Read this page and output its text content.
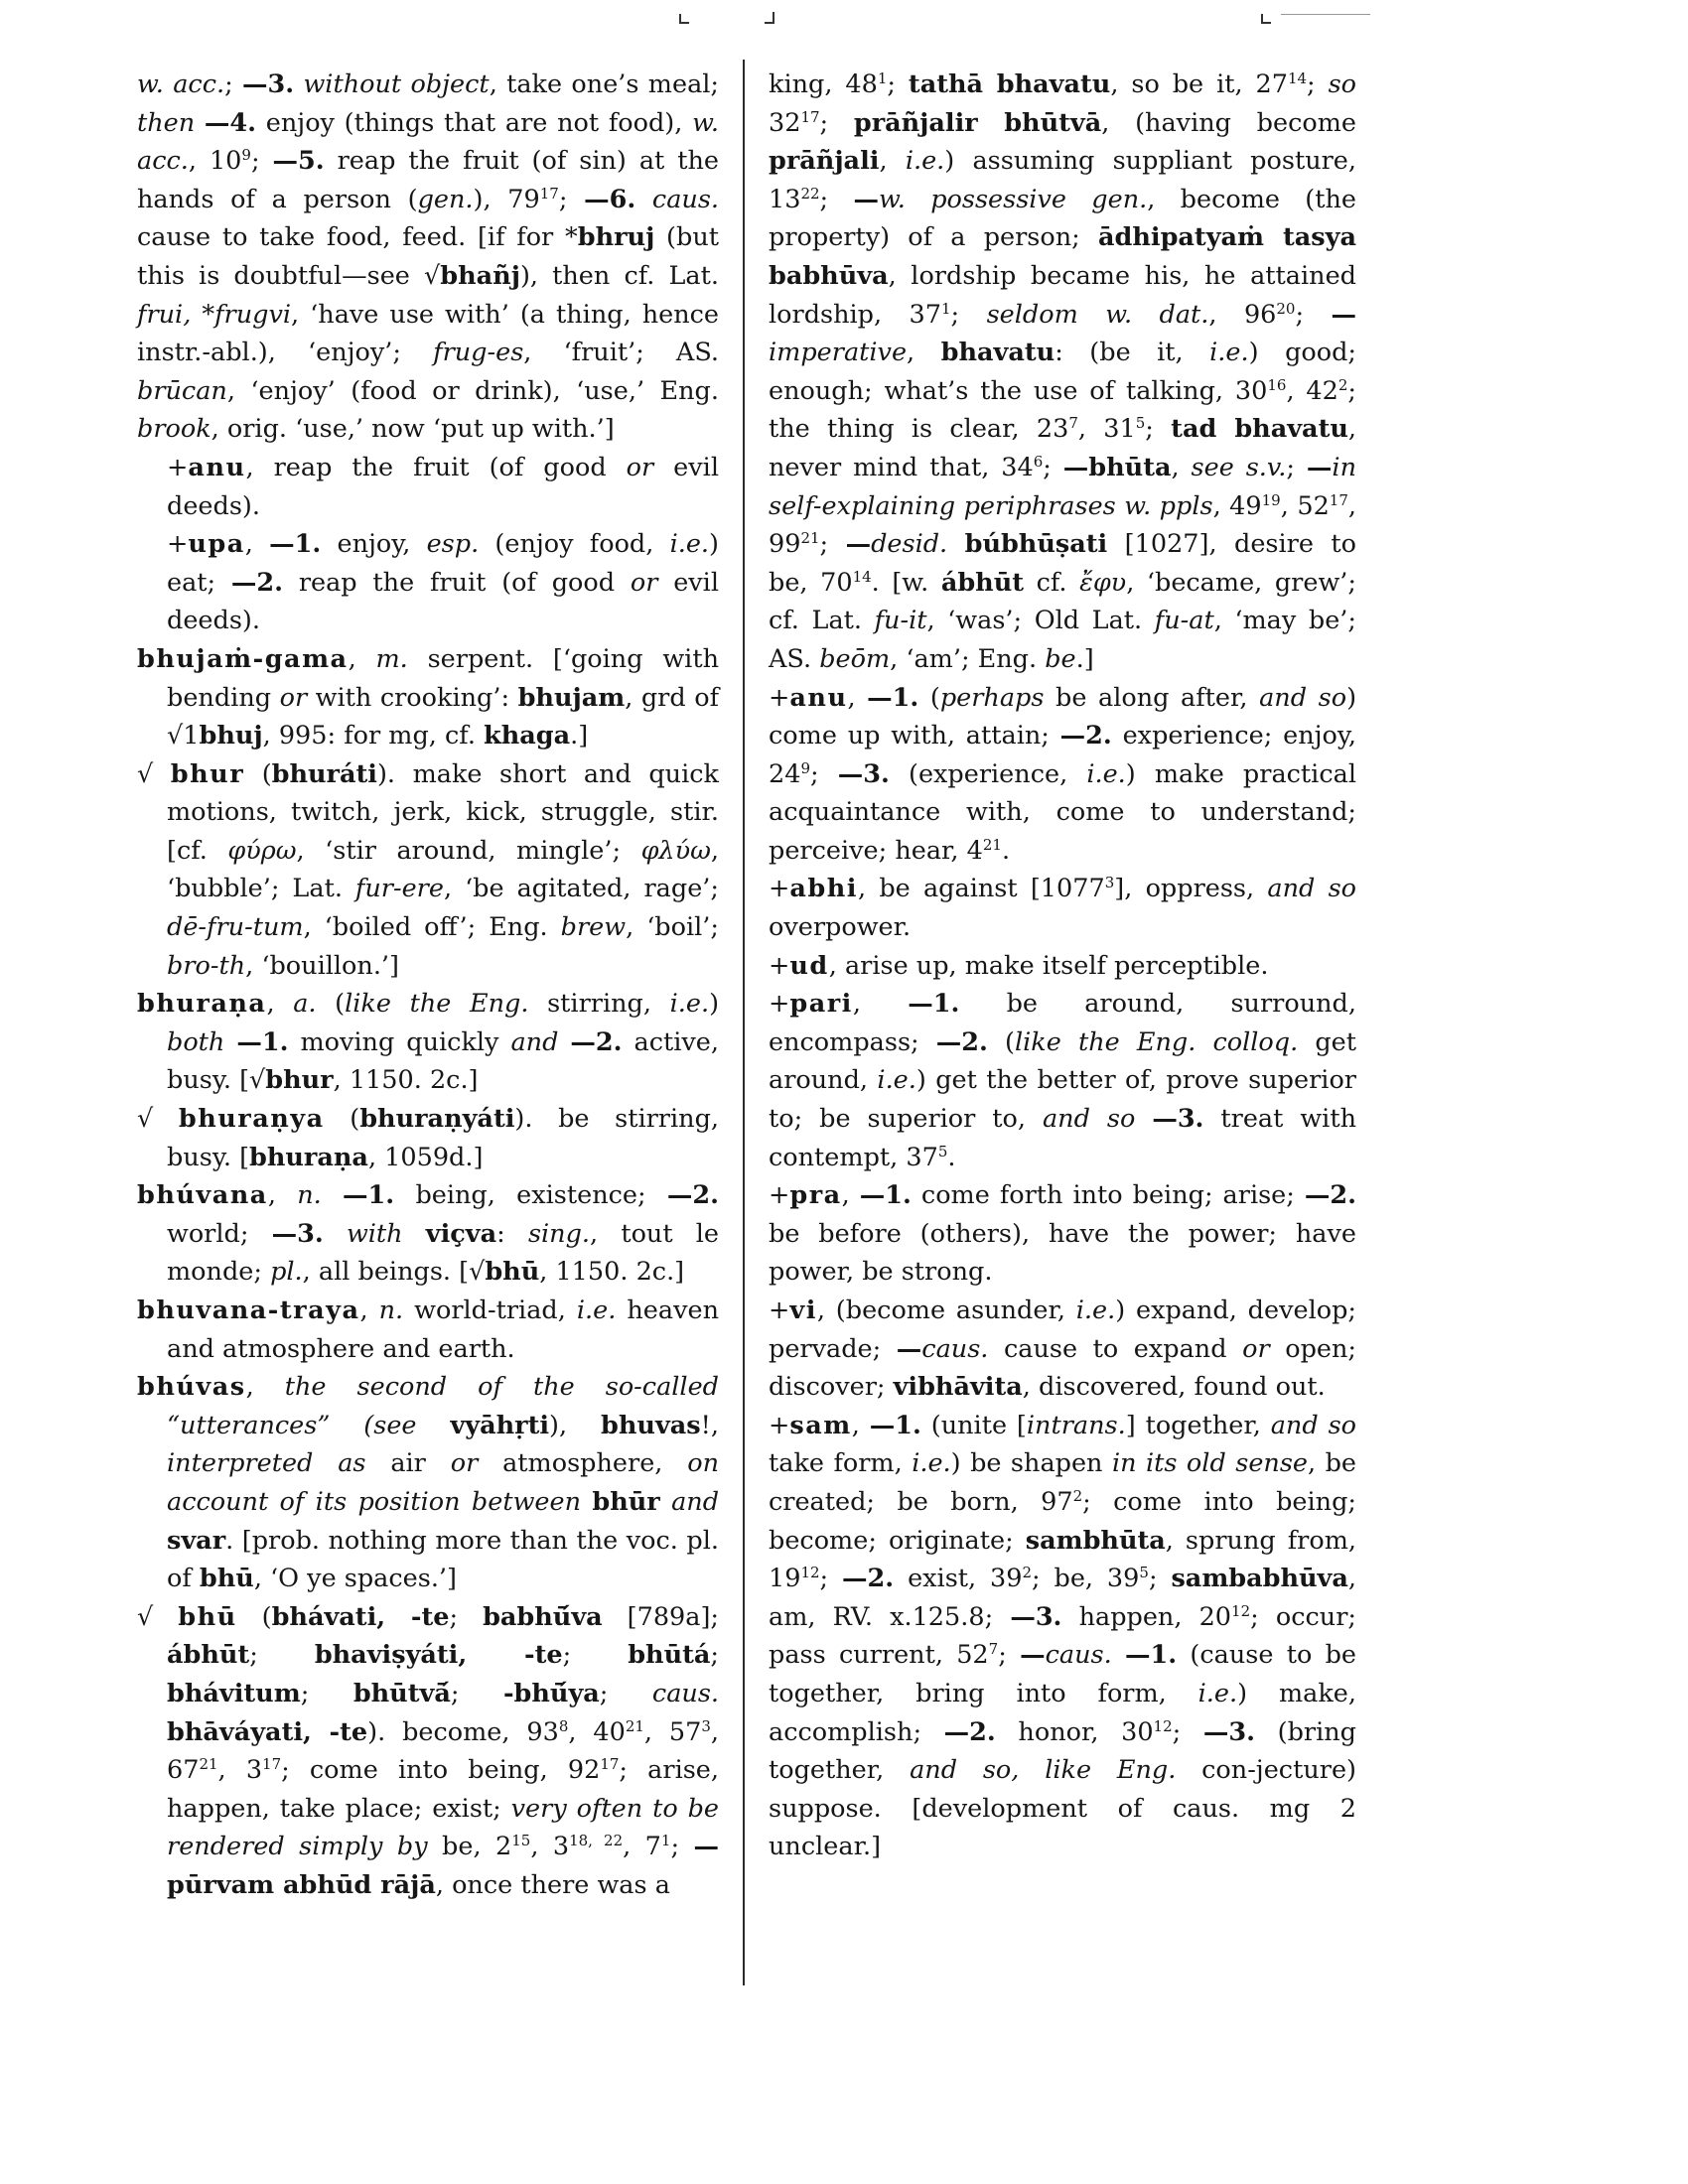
w. acc.; —3. without object, take one’s meal; then —4. enjoy (things that are not food), w. acc., $10^9$; —5. reap the fruit (of sin) at the hands of a person (gen.), $79^{17}$; —6. caus. cause to take food, feed. [if for *bhruj (but this is doubtful—see √bhañj), then cf. Lat. frui, *frugvi, ‘have use with’ (a thing, hence instr.-abl.), ‘enjoy’; frug-es, ‘fruit’; AS. brūcan, ‘enjoy’ (food or drink), ‘use,’ Eng. brook, orig. ‘use,’ now ‘put up with.’]

+anu, reap the fruit (of good or evil deeds).

+upa, —1. enjoy, esp. (enjoy food, i.e.) eat; —2. reap the fruit (of good or evil deeds).

bhujaṁ-gama, m. serpent. [‘going with bending or with crooking’: bhujam, grd of √1bhuj, 995: for mg, cf. khaga.]

√ bhur (bhuráti). make short and quick motions, twitch, jerk, kick, struggle, stir. [cf. φύρω, ‘stir around, mingle’; φλύω, ‘bubble’; Lat. fur-ere, ‘be agitated, rage’; dē-fru-tum, ‘boiled off’; Eng. brew, ‘boil’; bro-th, ‘bouillon.’]

bhuraṇa, a. (like the Eng. stirring, i.e.) both —1. moving quickly and —2. active, busy. [√bhur, 1150. 2c.]

√ bhuraṇya (bhuraṇyáti). be stirring, busy. [bhuraṇa, 1059d.]

bhúvana, n. —1. being, existence; —2. world; —3. with viçva: sing., tout le monde; pl., all beings. [√bhū, 1150. 2c.]

bhuvana-traya, n. world-triad, i.e. heaven and atmosphere and earth.

bhúvas, the second of the so-called “utterances” (see vyāhṛti), bhuvas!, interpreted as air or atmosphere, on account of its position between bhūr and svar. [prob. nothing more than the voc. pl. of bhū, ‘O ye spaces.’]

√ bhū (bhávati, -te; babhū́va [789a]; ábhūt; bhaviṣyáti, -te; bhūtá; bhávitum; bhūtvā́; -bhū́ya; caus. bhāváyati, -te). become, $93^8$, $40^{21}$, $57^3$, $67^{21}$, $3^{17}$; come into being, $92^{17}$; arise, happen, take place; exist; very often to be rendered simply by be, $2^{15}$, 3$^{18, 22}$, $7^1$; —pūrvam abhūd rājā, once there was a

king, $48^1$; tathā bhavatu, so be it, $27^{14}$; so $32^{17}$; prāñjalir bhūtvā, (having become prāñjali, i.e.) assuming suppliant posture, $13^{22}$; —w. possessive gen., become (the property) of a person; ādhipatyaṁ tasya babhūva, lordship became his, he attained lordship, $37^1$; seldom w. dat., $96^{20}$; —imperative, bhavatu: (be it, i.e.) good; enough; what’s the use of talking, $30^{16}$, $42^2$; the thing is clear, $23^7$, $31^5$; tad bhavatu, never mind that, $34^6$; —bhūta, see s.v.; —in self-explaining periphrases w. ppls, $49^{19}$, $52^{17}$, $99^{21}$; —desid. búbhūṣati [1027], desire to be, $70^{14}$. [w. ábhūt cf. ἔφυ, ‘became, grew’; cf. Lat. fu-it, ‘was’; Old Lat. fu-at, ‘may be’; AS. beōm, ‘am’; Eng. be.]

+anu, —1. (perhaps be along after, and so) come up with, attain; —2. experience; enjoy, $24^9$; —3. (experience, i.e.) make practical acquaintance with, come to understand; perceive; hear, $4^{21}$.

+abhi, be against [1077$^3$], oppress, and so overpower.

+ud, arise up, make itself perceptible.

+pari, —1. be around, surround, encompass; —2. (like the Eng. colloq. get around, i.e.) get the better of, prove superior to; be superior to, and so —3. treat with contempt, $37^5$.

+pra, —1. come forth into being; arise; —2. be before (others), have the power; have power, be strong.

+vi, (become asunder, i.e.) expand, develop; pervade; —caus. cause to expand or open; discover; vibhāvita, discovered, found out.

+sam, —1. (unite [intrans.] together, and so take form, i.e.) be shapen in its old sense, be created; be born, $97^2$; come into being; become; originate; sambhūta, sprung from, $19^{12}$; —2. exist, $39^2$; be, $39^5$; sambabhūva, am, RV. x.125.8; —3. happen, $20^{12}$; occur; pass current, $52^7$; —caus. —1. (cause to be together, bring into form, i.e.) make, accomplish; —2. honor, $30^{12}$; —3. (bring together, and so, like Eng. con-jecture) suppose. [development of caus. mg 2 unclear.]
